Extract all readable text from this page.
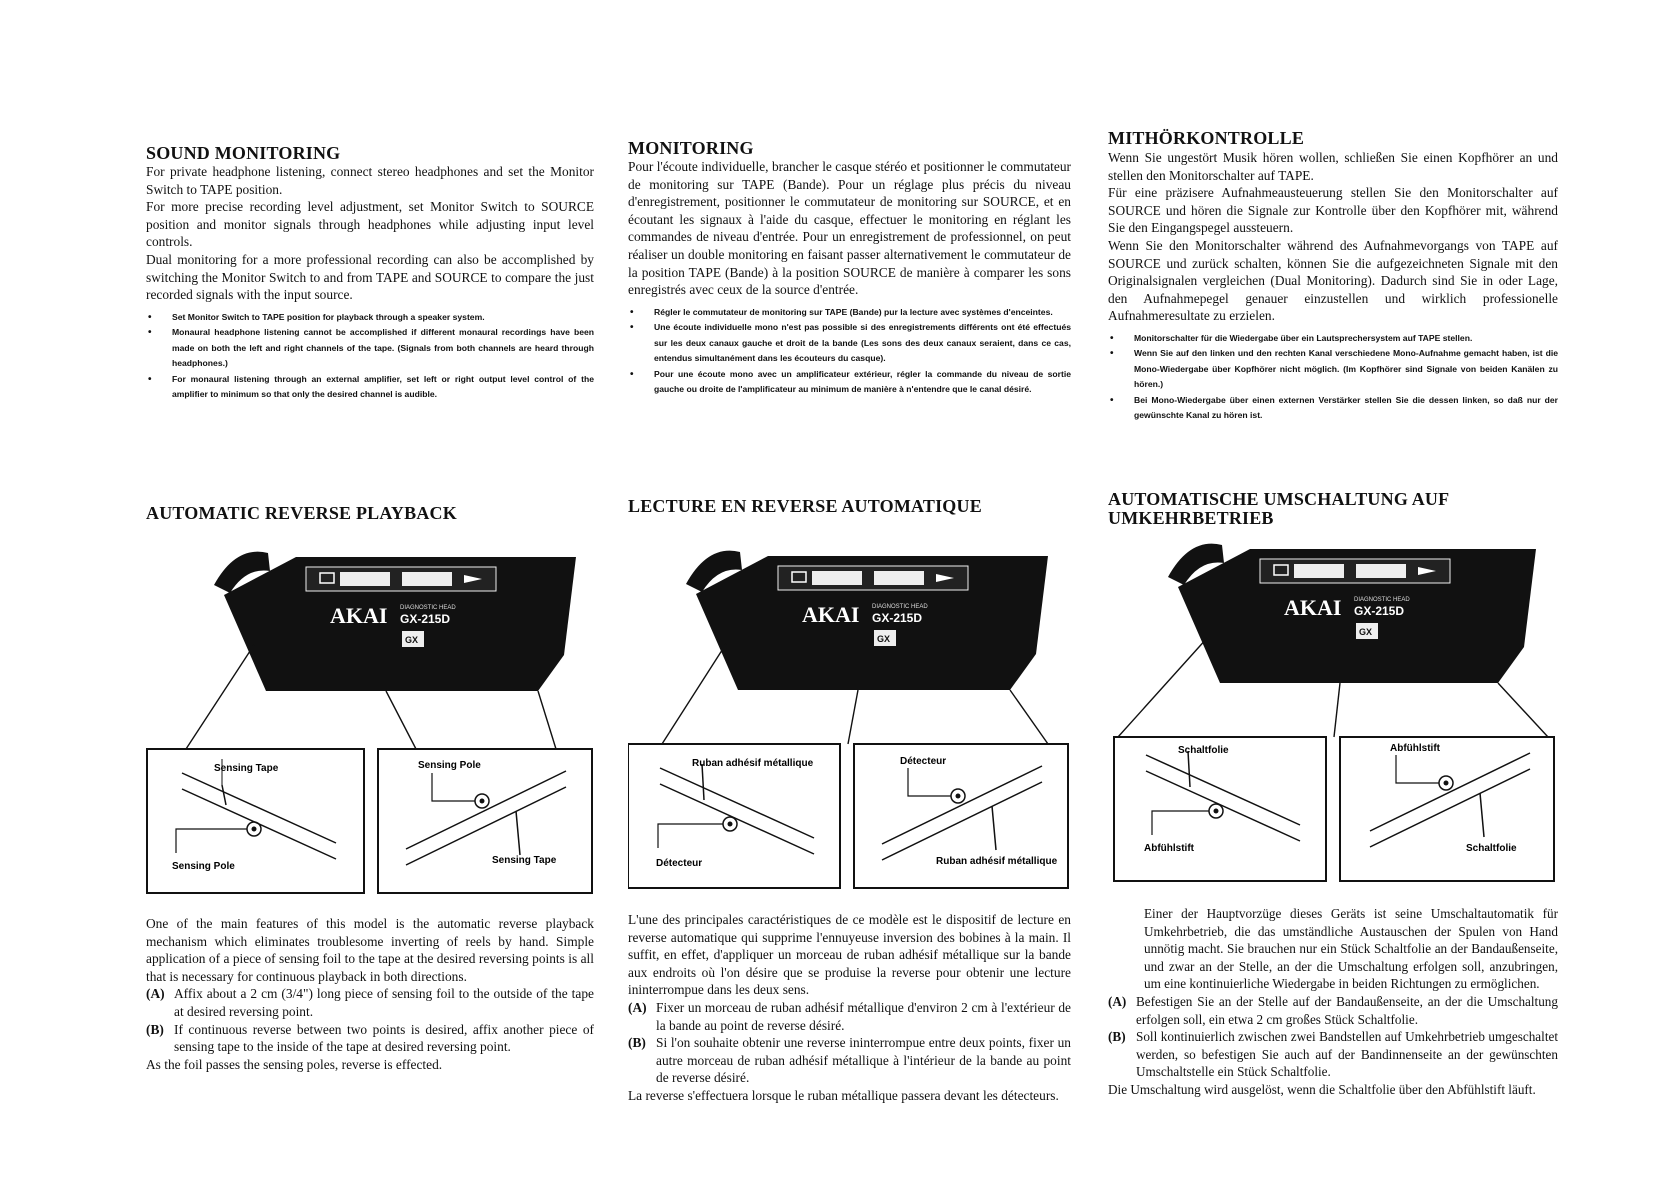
SOUND MONITORING

For private headphone listening, connect stereo headphones and set the Monitor Switch to TAPE position.

For more precise recording level adjustment, set Monitor Switch to SOURCE position and monitor signals through headphones while adjusting input level controls.

Dual monitoring for a more professional recording can also be accomplished by switching the Monitor Switch to and from TAPE and SOURCE to compare the just recorded signals with the input source.

• Set Monitor Switch to TAPE position for playback through a speaker system.
• Monaural headphone listening cannot be accomplished if different monaural recordings have been made on both the left and right channels of the tape. (Signals from both channels are heard through headphones.)
• For monaural listening through an external amplifier, set left or right output level control of the amplifier to minimum so that only the desired channel is audible.
AUTOMATIC REVERSE PLAYBACK
AKAI DIAGNOSTIC HEAD
GX-215D
GX
Sensing Tape
Sensing Pole
Sensing Pole
Sensing Tape

One of the main features of this model is the automatic reverse playback mechanism which eliminates troublesome inverting of reels by hand. Simple application of a piece of sensing foil to the tape at the desired reversing points is all that is necessary for continuous playback in both directions.

(A) Affix about a 2 cm (3/4") long piece of sensing foil to the outside of the tape at desired reversing point.

(B) If continuous reverse between two points is desired, affix another piece of sensing tape to the inside of the tape at desired reversing point.

As the foil passes the sensing poles, reverse is effected.

MONITORING

Pour l'écoute individuelle, brancher le casque stéréo et positionner le commutateur de monitoring sur TAPE (Bande). Pour un réglage plus précis du niveau d'enregistrement, positionner le commutateur de monitoring sur SOURCE, et en écoutant les signaux à l'aide du casque, effectuer le monitoring en réglant les commandes de niveau d'entrée. Pour un enregistrement de professionnel, on peut réaliser un double monitoring en faisant passer alternativement le commutateur de la position TAPE (Bande) à la position SOURCE de manière à comparer les sons enregistrés avec ceux de la source d'entrée.

• Régler le commutateur de monitoring sur TAPE (Bande) pur la lecture avec systèmes d'enceintes.
• Une écoute individuelle mono n'est pas possible si des enregistrements différents ont été effectués sur les deux canaux gauche et droit de la bande (Les sons des deux canaux seraient, dans ce cas, entendus simultanément dans les écouteurs du casque).
• Pour une écoute mono avec un amplificateur extérieur, régler la commande du niveau de sortie gauche ou droite de l'amplificateur au minimum de manière à n'entendre que le canal désiré.
LECTURE EN REVERSE AUTOMATIQUE
AKAI DIAGNOSTIC HEAD
GX-215D
GX
Ruban adhésif métallique
Détecteur
Détecteur
Ruban adhésif métallique

L'une des principales caractéristiques de ce modèle est le dispositif de lecture en reverse automatique qui supprime l'ennuyeuse inversion des bobines à la main. Il suffit, en effet, d'appliquer un morceau de ruban adhésif métallique sur la bande aux endroits où l'on désire que se produise la reverse pour obtenir une lecture ininterrompue dans les deux sens.

(A) Fixer un morceau de ruban adhésif métallique d'environ 2 cm à l'extérieur de la bande au point de reverse désiré.

(B) Si l'on souhaite obtenir une reverse ininterrompue entre deux points, fixer un autre morceau de ruban adhésif métallique à l'intérieur de la bande au point de reverse désiré.

La reverse s'effectuera lorsque le ruban métallique passera devant les détecteurs.

MITHÖRKONTROLLE

Wenn Sie ungestört Musik hören wollen, schließen Sie einen Kopfhörer an und stellen den Monitorschalter auf TAPE.

Für eine präzisere Aufnahmeausteuerung stellen Sie den Monitorschalter auf SOURCE und hören die Signale zur Kontrolle über den Kopfhörer mit, während Sie den Eingangspegel aussteuern.

Wenn Sie den Monitorschalter während des Aufnahmevorgangs von TAPE auf SOURCE und zurück schalten, können Sie die aufgezeichneten Signale mit den Originalsignalen vergleichen (Dual Monitoring). Dadurch sind Sie in oder Lage, den Aufnahmepegel genauer einzustellen und wirklich professionelle Aufnahmeresultate zu erzielen.

• Monitorschalter für die Wiedergabe über ein Lautsprechersystem auf TAPE stellen.
• Wenn Sie auf den linken und den rechten Kanal verschiedene Mono-Aufnahme gemacht haben, ist die Mono-Wiedergabe über Kopfhörer nicht möglich. (Im Kopfhörer sind Signale von beiden Kanälen zu hören.)
• Bei Mono-Wiedergabe über einen externen Verstärker stellen Sie die dessen linken, so daß nur der gewünschte Kanal zu hören ist.
AUTOMATISCHE UMSCHALTUNG AUF UMKEHRBETRIEB
AKAI DIAGNOSTIC HEAD
GX-215D
GX
Schaltfolie
Abfühlstift
Abfühlstift
Schaltfolie

Einer der Hauptvorzüge dieses Geräts ist seine Umschaltautomatik für Umkehrbetrieb, die das umständliche Austauschen der Spulen von Hand unnötig macht. Sie brauchen nur ein Stück Schaltfolie an der Bandaußenseite, und zwar an der Stelle, an der die Umschaltung erfolgen soll, anzubringen, um eine kontinuierliche Wiedergabe in beiden Richtungen zu ermöglichen.

(A) Befestigen Sie an der Stelle auf der Bandaußenseite, an der die Umschaltung erfolgen soll, ein etwa 2 cm großes Stück Schaltfolie.

(B) Soll kontinuierlich zwischen zwei Bandstellen auf Umkehrbetrieb umgeschaltet werden, so befestigen Sie auch auf der Bandinnenseite an der gewünschten Umschaltstelle ein Stück Schaltfolie.

Die Umschaltung wird ausgelöst, wenn die Schaltfolie über den Abfühlstift läuft.
